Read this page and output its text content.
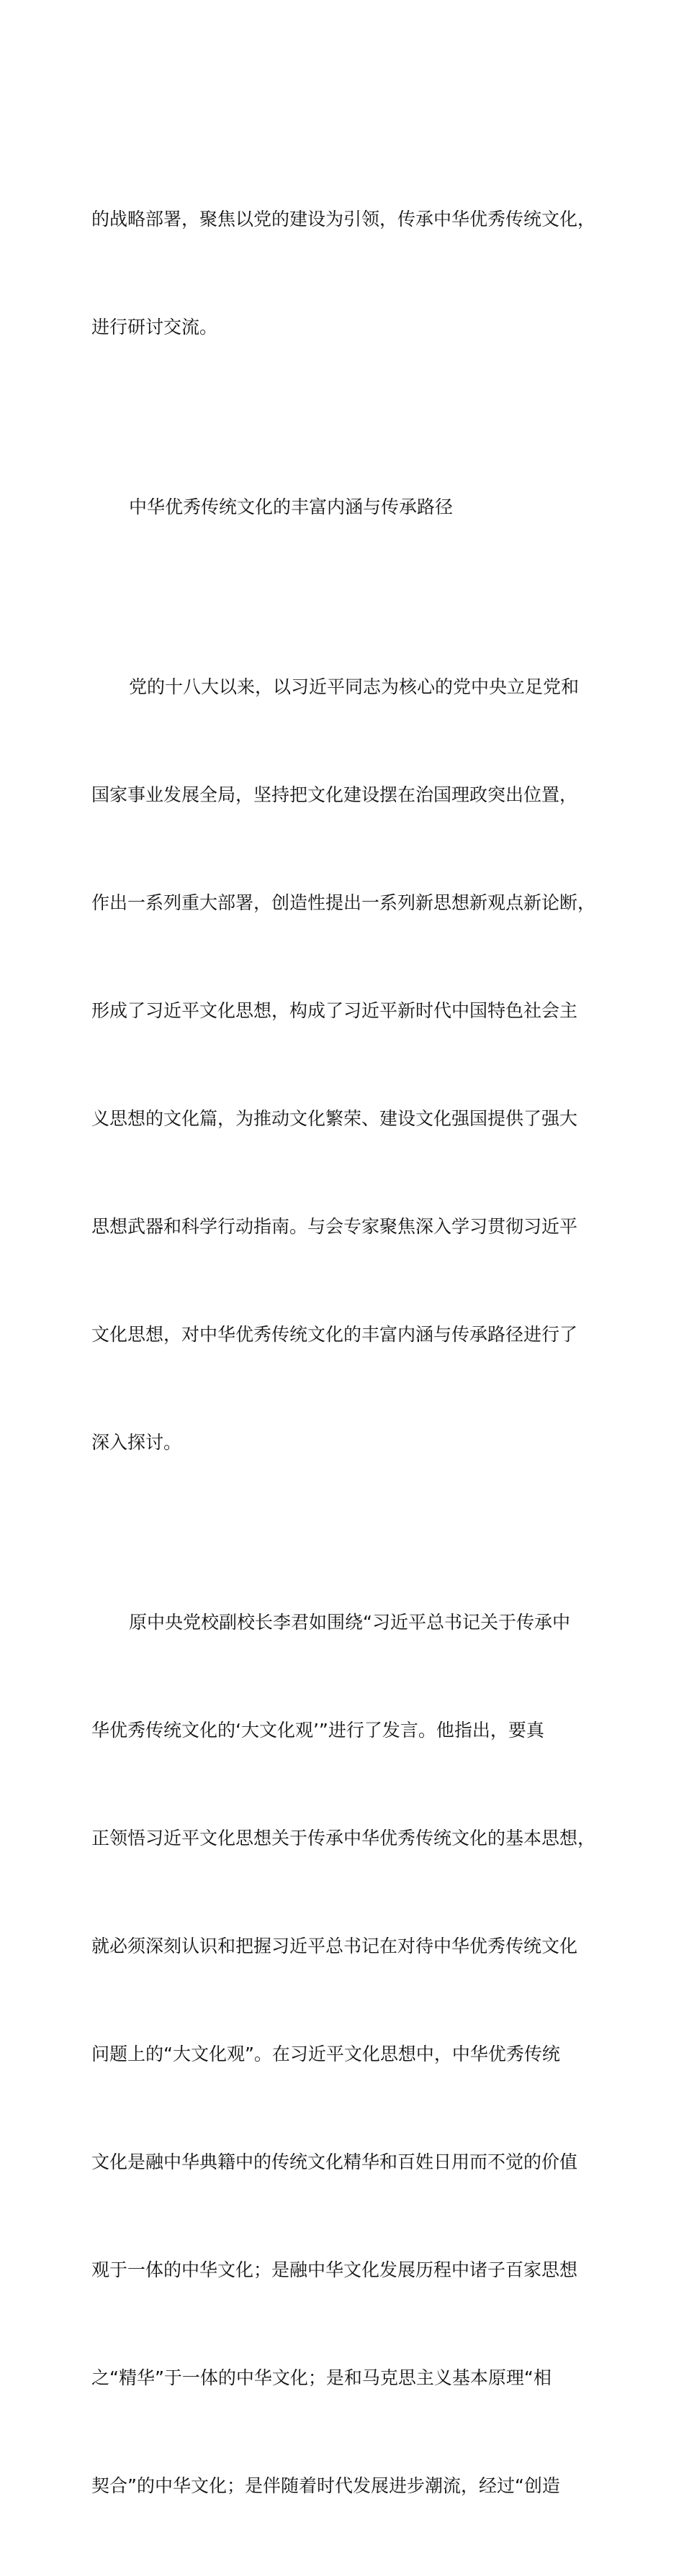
的战略部署，聚焦以党的建设为引领，传承中华优秀传统文化，

进行研讨交流。

中华优秀传统文化的丰富内涵与传承路径

党的十八大以来，以习近平同志为核心的党中央立足党和

国家事业发展全局，坚持把文化建设摆在治国理政突出位置，

作出一系列重大部署，创造性提出一系列新思想新观点新论断，

形成了习近平文化思想，构成了习近平新时代中国特色社会主

义思想的文化篇，为推动文化繁荣、建设文化强国提供了强大

思想武器和科学行动指南。与会专家聚焦深入学习贯彻习近平

文化思想，对中华优秀传统文化的丰富内涵与传承路径进行了

深入探讨。

原中央党校副校长李君如围绕“习近平总书记关于传承中

华优秀传统文化的‘大文化观’”进行了发言。他指出，要真

正领悟习近平文化思想关于传承中华优秀传统文化的基本思想，

就必须深刻认识和把握习近平总书记在对待中华优秀传统文化

问题上的“大文化观”。在习近平文化思想中，中华优秀传统

文化是融中华典籍中的传统文化精华和百姓日用而不觉的价值

观于一体的中华文化；是融中华文化发展历程中诸子百家思想

之“精华”于一体的中华文化；是和马克思主义基本原理“相

契合”的中华文化；是伴随着时代发展进步潮流，经过“创造
